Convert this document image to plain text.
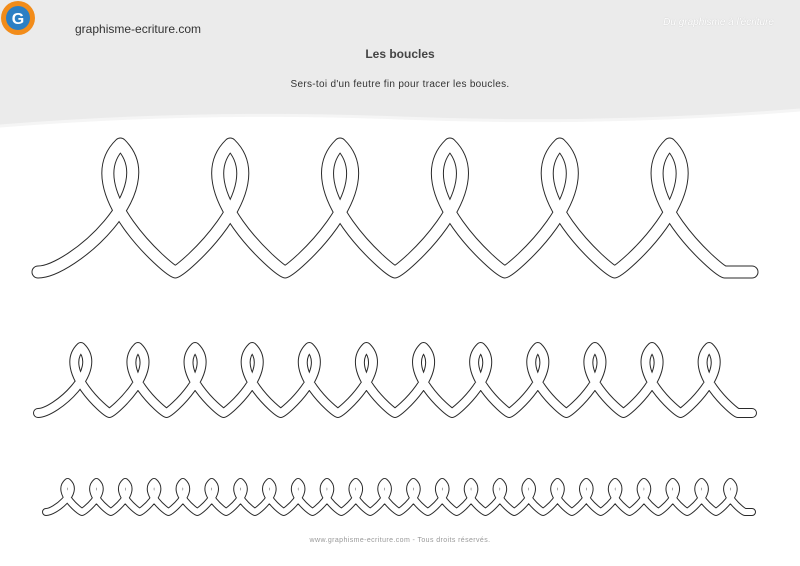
G
graphisme-ecriture.com	Du graphisme à l'écriture
Les boucles
Sers-toi d'un feutre fin pour tracer les boucles.
www.graphisme-ecriture.com - Tous droits réservés.
